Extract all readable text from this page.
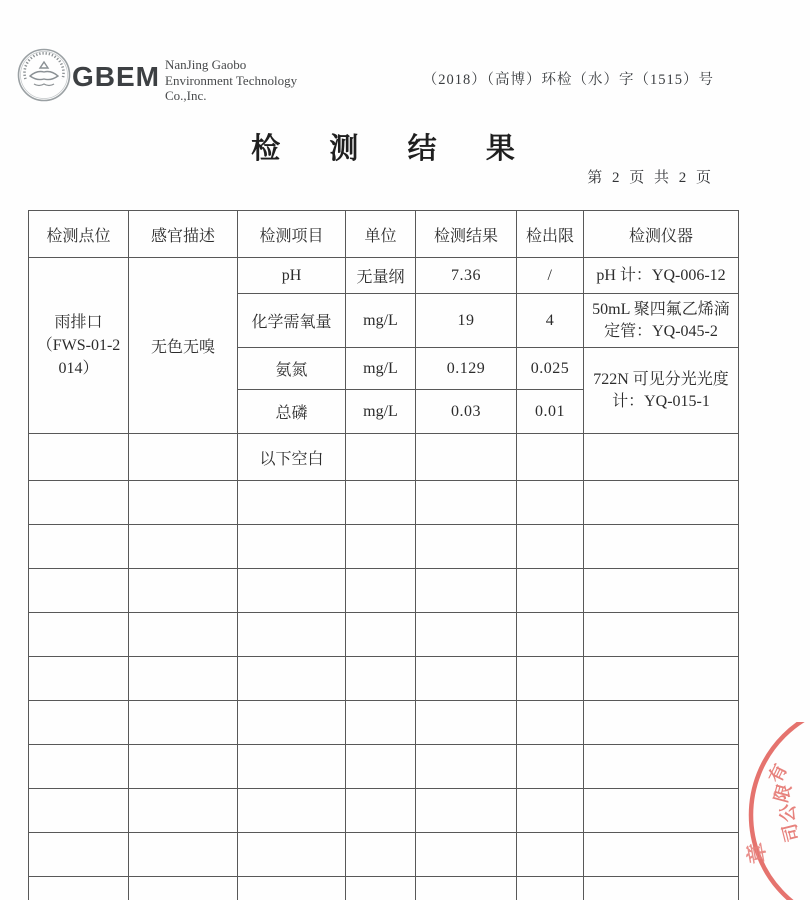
GBEM NanJing Gaobo
Environment Technology
Co.,Inc.
（2018）（高博）环检（水）字（1515）号
检 测 结 果
第 2 页 共 2 页
检测点位	感官描述	检测项目	单位	检测结果	检出限	检测仪器

雨排口
（FWS-01-2014）	无色无嗅	pH	无量纲	7.36	/	pH 计：YQ-006-12
		化学需氧量	mg/L	19	4	50mL 聚四氟乙烯滴定管：YQ-045-2
		氨氮	mg/L	0.129	0.025	722N 可见分光光度计：YQ-015-1
		总磷	mg/L	0.03	0.01	
		以下空白				

有
限
公
司
章
